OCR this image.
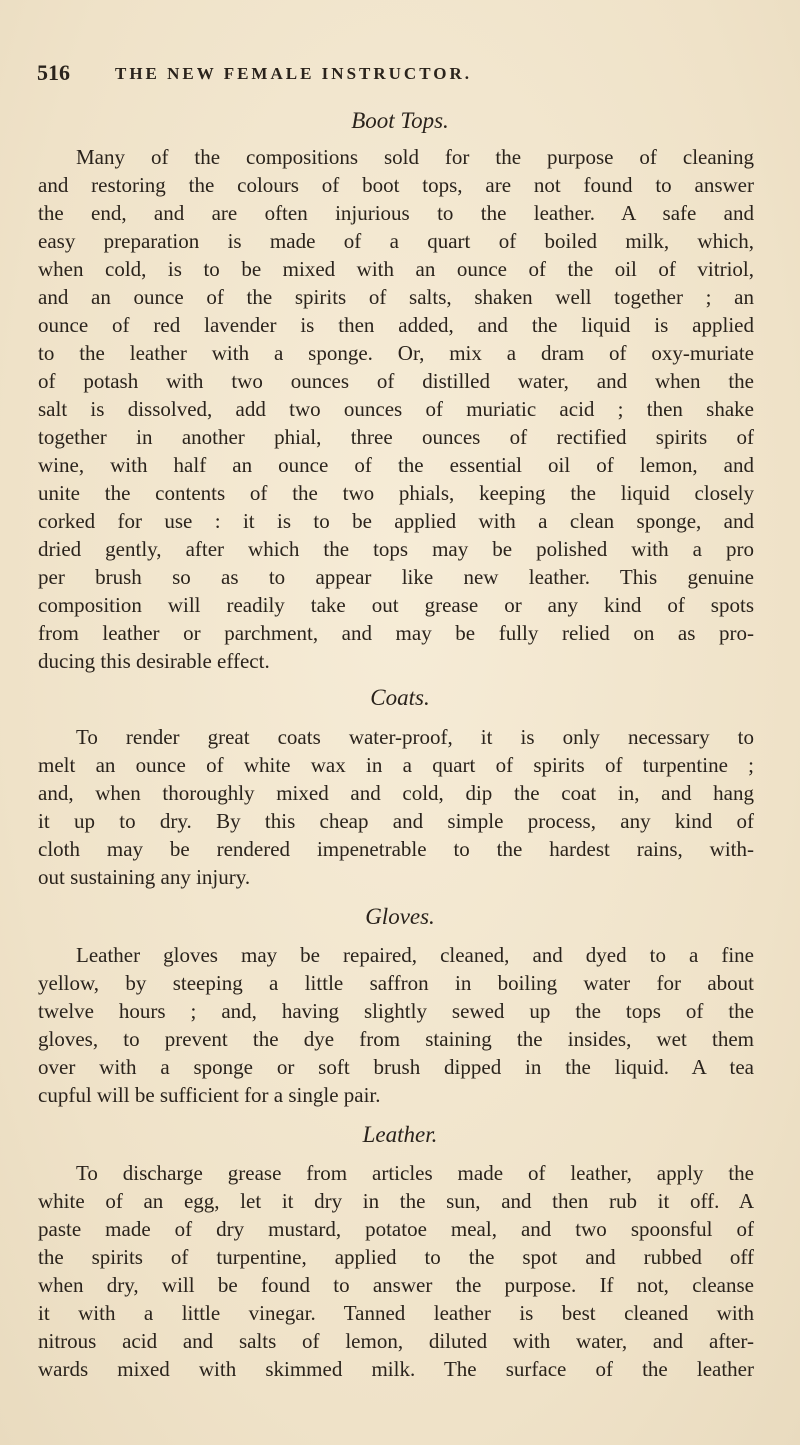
516	THE NEW FEMALE INSTRUCTOR.
Boot Tops.
Many of the compositions sold for the purpose of cleaning
and restoring the colours of boot tops, are not found to answer
the end, and are often injurious to the leather. A safe and
easy preparation is made of a quart of boiled milk, which,
when cold, is to be mixed with an ounce of the oil of vitriol,
and an ounce of the spirits of salts, shaken well together ; an
ounce of red lavender is then added, and the liquid is applied
to the leather with a sponge. Or, mix a dram of oxy-muriate
of potash with two ounces of distilled water, and when the
salt is dissolved, add two ounces of muriatic acid ; then shake
together in another phial, three ounces of rectified spirits of
wine, with half an ounce of the essential oil of lemon, and
unite the contents of the two phials, keeping the liquid closely
corked for use : it is to be applied with a clean sponge, and
dried gently, after which the tops may be polished with a pro
per brush so as to appear like new leather. This genuine
composition will readily take out grease or any kind of spots
from leather or parchment, and may be fully relied on as pro-
ducing this desirable effect.
Coats.
To render great coats water-proof, it is only necessary to
melt an ounce of white wax in a quart of spirits of turpentine ;
and, when thoroughly mixed and cold, dip the coat in, and hang
it up to dry. By this cheap and simple process, any kind of
cloth may be rendered impenetrable to the hardest rains, with-
out sustaining any injury.
Gloves.
Leather gloves may be repaired, cleaned, and dyed to a fine
yellow, by steeping a little saffron in boiling water for about
twelve hours ; and, having slightly sewed up the tops of the
gloves, to prevent the dye from staining the insides, wet them
over with a sponge or soft brush dipped in the liquid. A tea
cupful will be sufficient for a single pair.
Leather.
To discharge grease from articles made of leather, apply the
white of an egg, let it dry in the sun, and then rub it off. A
paste made of dry mustard, potatoe meal, and two spoonsful of
the spirits of turpentine, applied to the spot and rubbed off
when dry, will be found to answer the purpose. If not, cleanse
it with a little vinegar. Tanned leather is best cleaned with
nitrous acid and salts of lemon, diluted with water, and after-
wards mixed with skimmed milk. The surface of the leather
